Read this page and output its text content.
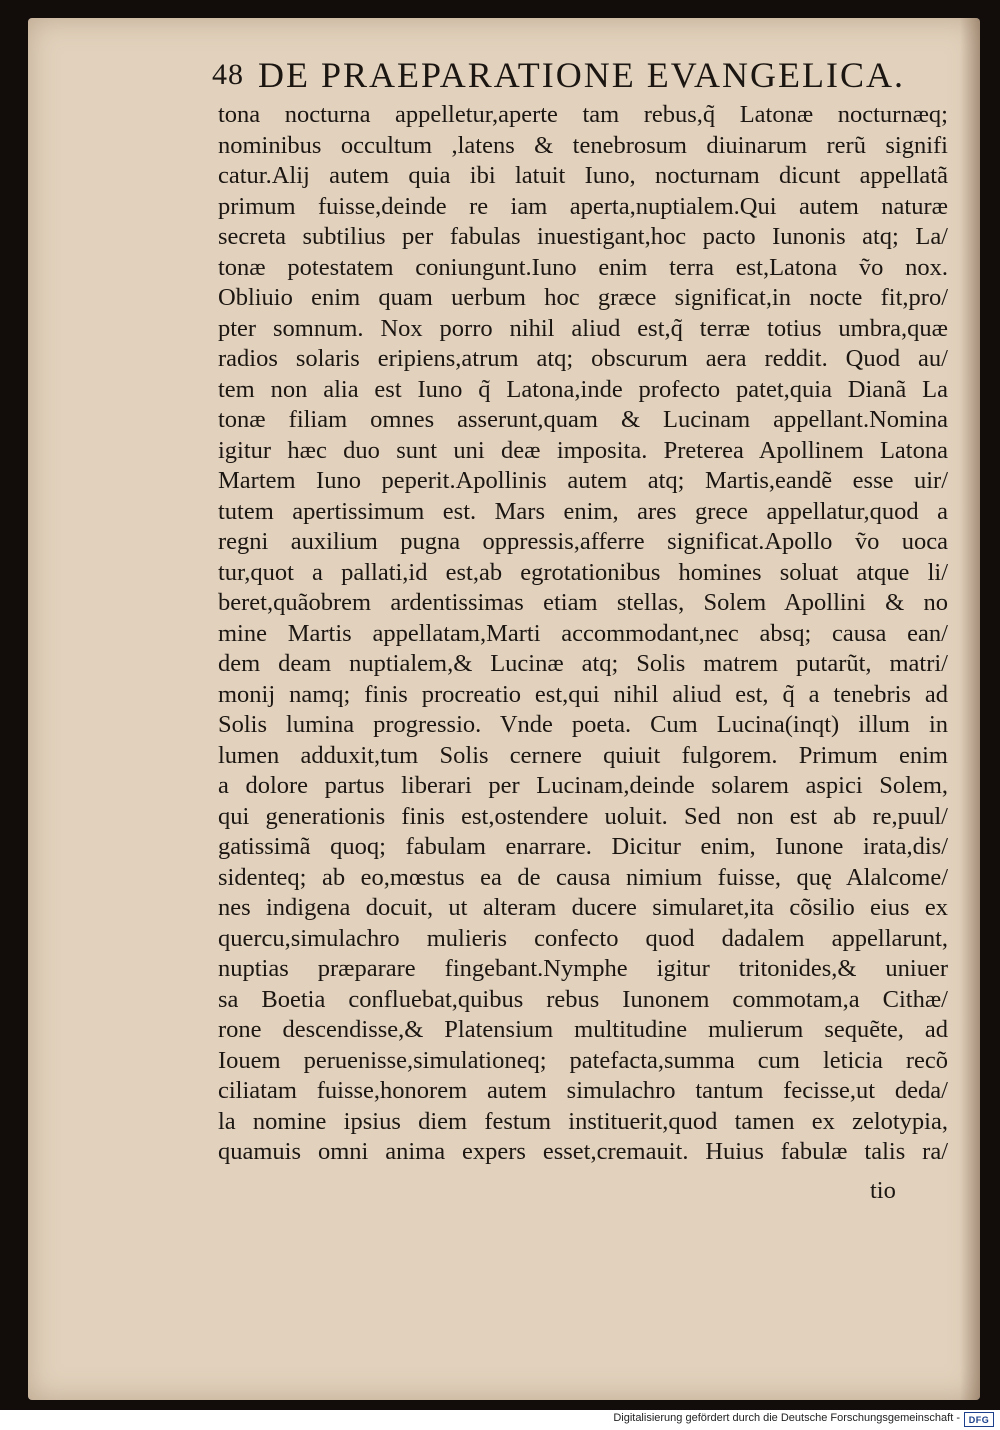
48 DE PRAEPARATIONE EVANGELICA.
tona nocturna appelletur,aperte tam rebus,q̃ Latonæ nocturnæq;
nominibus occultum ,latens & tenebrosum diuinarum rerũ signifi
catur.Alij autem quia ibi latuit Iuno, nocturnam dicunt appellatã
primum fuisse,deinde re iam aperta,nuptialem.Qui autem naturæ
secreta subtilius per fabulas inuestigant,hoc pacto Iunonis atq; La/
tonæ potestatem coniungunt.Iuno enim terra est,Latona ṽo nox.
Obliuio enim quam uerbum hoc græce significat,in nocte fit,pro/
pter somnum. Nox porro nihil aliud est,q̃ terræ totius umbra,quæ
radios solaris eripiens,atrum atq; obscurum aera reddit. Quod au/
tem non alia est Iuno q̃ Latona,inde profecto patet,quia Dianã La
tonæ filiam omnes asserunt,quam & Lucinam appellant.Nomina
igitur hæc duo sunt uni deæ imposita. Preterea Apollinem Latona
Martem Iuno peperit.Apollinis autem atq; Martis,eandẽ esse uir/
tutem apertissimum est. Mars enim, ares grece appellatur,quod a
regni auxilium pugna oppressis,afferre significat.Apollo ṽo uoca
tur,quot a pallati,id est,ab egrotationibus homines soluat atque li/
beret,quãobrem ardentissimas etiam stellas, Solem Apollini & no
mine Martis appellatam,Marti accommodant,nec absq; causa ean/
dem deam nuptialem,& Lucinæ atq; Solis matrem putarũt, matri/
monij namq; finis procreatio est,qui nihil aliud est, q̃ a tenebris ad
Solis lumina progressio. Vnde poeta. Cum Lucina(inqt) illum in
lumen adduxit,tum Solis cernere quiuit fulgorem. Primum enim
a dolore partus liberari per Lucinam,deinde solarem aspici Solem,
qui generationis finis est,ostendere uoluit. Sed non est ab re,puul/
gatissimã quoq; fabulam enarrare. Dicitur enim, Iunone irata,dis/
sidenteq; ab eo,mœstus ea de causa nimium fuisse, quę Alalcome/
nes indigena docuit, ut alteram ducere simularet,ita cõsilio eius ex
quercu,simulachro mulieris confecto quod dadalem appellarunt,
nuptias præparare fingebant.Nymphe igitur tritonides,& uniuer
sa Boetia confluebat,quibus rebus Iunonem commotam,a Cithæ/
rone descendisse,& Platensium multitudine mulierum sequẽte, ad
Iouem peruenisse,simulationeq; patefacta,summa cum leticia recõ
ciliatam fuisse,honorem autem simulachro tantum fecisse,ut deda/
la nomine ipsius diem festum instituerit,quod tamen ex zelotypia,
quamuis omni anima expers esset,cremauit. Huius fabulæ talis ra/
tio
Digitalisierung gefördert durch die Deutsche Forschungsgemeinschaft - DFG
